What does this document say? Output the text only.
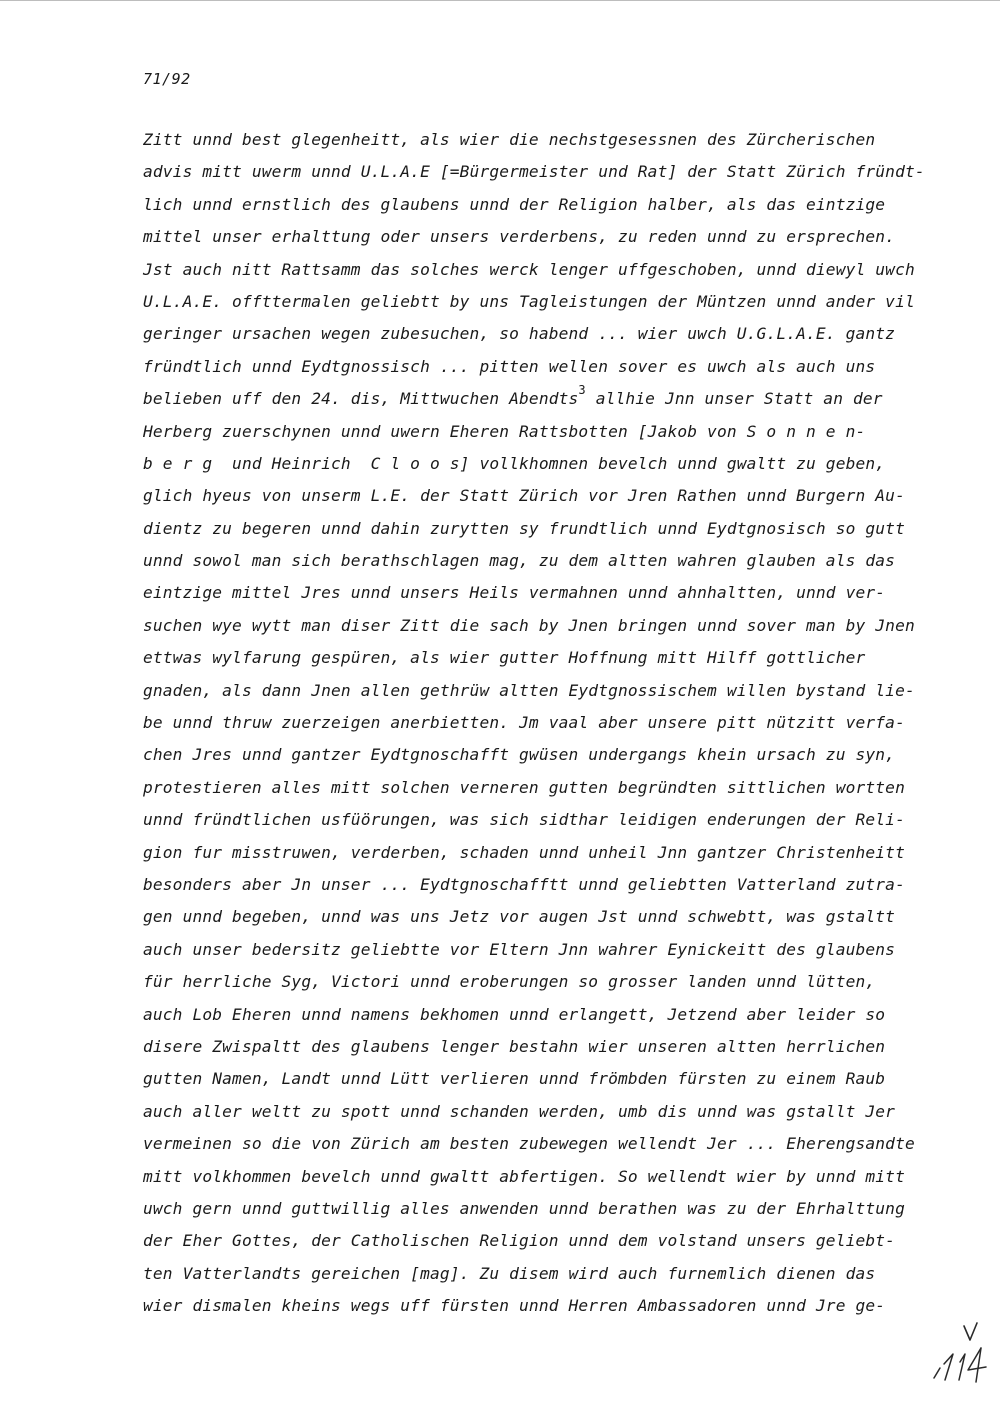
71/92
Zitt unnd best glegenheitt, als wier die nechstgesessnen des Zürcherischen
advis mitt uwerm unnd U.L.A.E [=Bürgermeister und Rat] der Statt Zürich fründt-
lich unnd ernstlich des glaubens unnd der Religion halber, als das eintzige
mittel unser erhalttung oder unsers verderbens, zu reden unnd zu ersprechen.
Jst auch nitt Rattsamm das solches werck lenger uffgeschoben, unnd diewyl uwch
U.L.A.E. offttermalen geliebtt by uns Tagleistungen der Müntzen unnd ander vil
geringer ursachen wegen zubesuchen, so habend ... wier uwch U.G.L.A.E. gantz
fründtlich unnd Eydtgnossisch ... pitten wellen sover es uwch als auch uns
belieben uff den 24. dis, Mittwuchen Abendts$^3$ allhie Jnn unser Statt an der
Herberg zuerschynen unnd uwern Eheren Rattsbotten [Jakob von S o n n e n-
b e r g  und Heinrich  C l o o s] vollkhomnen bevelch unnd gwaltt zu geben,
glich hyeus von unserm L.E. der Statt Zürich vor Jren Rathen unnd Burgern Au-
dientz zu begeren unnd dahin zurytten sy frundtlich unnd Eydtgnosisch so gutt
unnd sowol man sich berathschlagen mag, zu dem altten wahren glauben als das
eintzige mittel Jres unnd unsers Heils vermahnen unnd ahnhaltten, unnd ver-
suchen wye wytt man diser Zitt die sach by Jnen bringen unnd sover man by Jnen
ettwas wylfarung gespüren, als wier gutter Hoffnung mitt Hilff gottlicher
gnaden, als dann Jnen allen gethrüw altten Eydtgnossischem willen bystand lie-
be unnd thruw zuerzeigen anerbietten. Jm vaal aber unsere pitt nützitt verfa-
chen Jres unnd gantzer Eydtgnoschafft gwüsen undergangs khein ursach zu syn,
protestieren alles mitt solchen verneren gutten begründten sittlichen wortten
unnd fründtlichen usfüörungen, was sich sidthar leidigen enderungen der Reli-
gion fur misstruwen, verderben, schaden unnd unheil Jnn gantzer Christenheitt
besonders aber Jn unser ... Eydtgnoschafftt unnd geliebtten Vatterland zutra-
gen unnd begeben, unnd was uns Jetz vor augen Jst unnd schwebtt, was gstaltt
auch unser bedersitz geliebtte vor Eltern Jnn wahrer Eynickeitt des glaubens
für herrliche Syg, Victori unnd eroberungen so grosser landen unnd lütten,
auch Lob Eheren unnd namens bekhomen unnd erlangett, Jetzend aber leider so
disere Zwispaltt des glaubens lenger bestahn wier unseren altten herrlichen
gutten Namen, Landt unnd Lütt verlieren unnd frömbden fürsten zu einem Raub
auch aller weltt zu spott unnd schanden werden, umb dis unnd was gstallt Jer
vermeinen so die von Zürich am besten zubewegen wellendt Jer ... Eherengsandte
mitt volkhommen bevelch unnd gwaltt abfertigen. So wellendt wier by unnd mitt
uwch gern unnd guttwillig alles anwenden unnd berathen was zu der Ehrhalttung
der Eher Gottes, der Catholischen Religion unnd dem volstand unsers geliebt-
ten Vatterlandts gereichen [mag]. Zu disem wird auch furnemlich dienen das
wier dismalen kheins wegs uff fürsten unnd Herren Ambassadoren unnd Jre ge-
